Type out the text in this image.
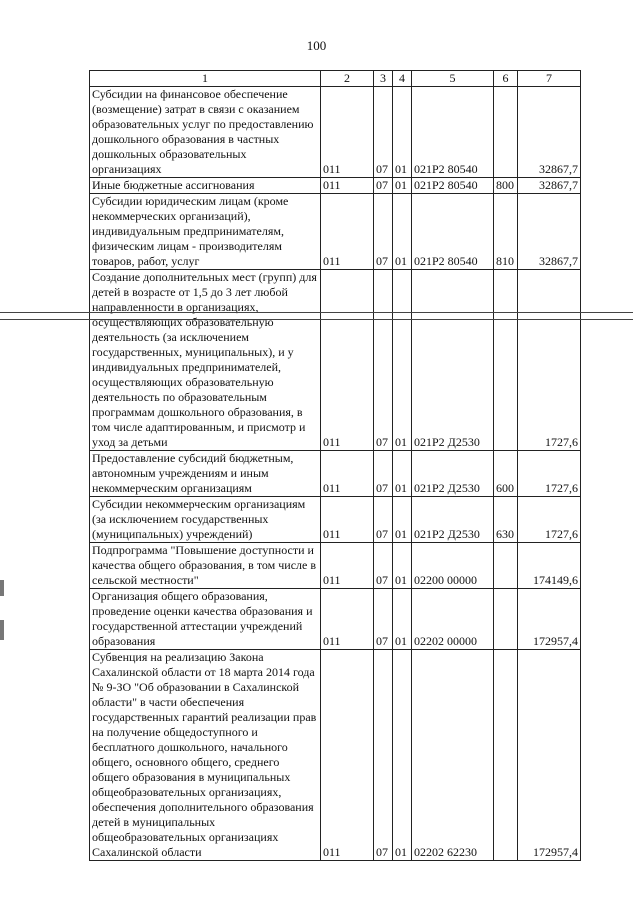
100
1	2	3	4	5	6	7
Субсидии на финансовое обеспечение (возмещение) затрат в связи с оказанием образовательных услуг по предоставлению дошкольного образования в частных дошкольных образовательных организациях	011	07	01	021Р2 80540		32867,7
Иные бюджетные ассигнования	011	07	01	021Р2 80540	800	32867,7
Субсидии юридическим лицам (кроме некоммерческих организаций), индивидуальным предпринимателям, физическим лицам - производителям товаров, работ, услуг	011	07	01	021Р2 80540	810	32867,7
Создание дополнительных мест (групп) для детей в возрасте от 1,5 до 3 лет любой направленности в организациях, осуществляющих образовательную деятельность (за исключением государственных, муниципальных), и у индивидуальных предпринимателей, осуществляющих образовательную деятельность по образовательным программам дошкольного образования, в том числе адаптированным, и присмотр и уход за детьми	011	07	01	021Р2 Д2530		1727,6
Предоставление субсидий бюджетным, автономным учреждениям и иным некоммерческим организациям	011	07	01	021Р2 Д2530	600	1727,6
Субсидии некоммерческим организациям (за исключением государственных (муниципальных) учреждений)	011	07	01	021Р2 Д2530	630	1727,6
Подпрограмма "Повышение доступности и качества общего образования, в том числе в сельской местности"	011	07	01	02200 00000		174149,6
Организация общего образования, проведение оценки качества образования и государственной аттестации учреждений образования	011	07	01	02202 00000		172957,4
Субвенция на реализацию Закона Сахалинской области от 18 марта 2014 года № 9-ЗО "Об образовании в Сахалинской области" в части обеспечения государственных гарантий реализации прав на получение общедоступного и бесплатного дошкольного, начального общего, основного общего, среднего общего образования в муниципальных общеобразовательных организациях, обеспечения дополнительного образования детей в муниципальных общеобразовательных организациях Сахалинской области	011	07	01	02202 62230		172957,4
